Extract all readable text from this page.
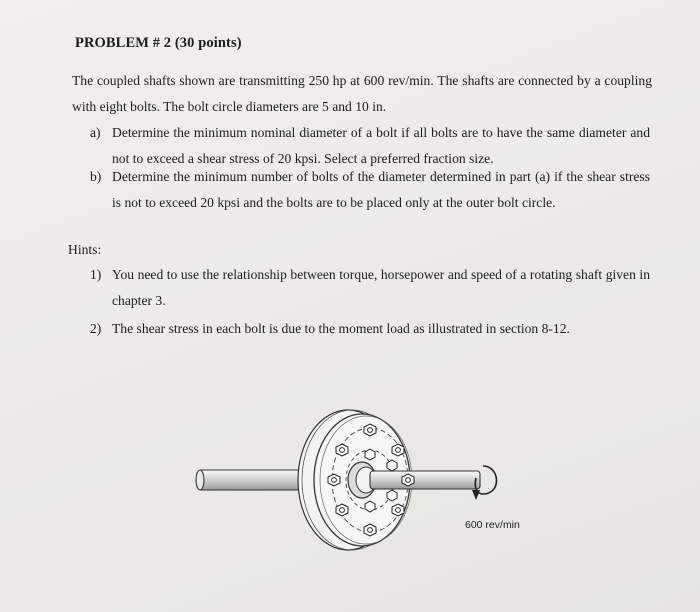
PROBLEM # 2 (30 points)
The coupled shafts shown are transmitting 250 hp at 600 rev/min. The shafts are connected by a coupling with eight bolts. The bolt circle diameters are 5 and 10 in.
a) Determine the minimum nominal diameter of a bolt if all bolts are to have the same diameter and not to exceed a shear stress of 20 kpsi. Select a preferred fraction size.
b) Determine the minimum number of bolts of the diameter determined in part (a) if the shear stress is not to exceed 20 kpsi and the bolts are to be placed only at the outer bolt circle.
Hints:
1) You need to use the relationship between torque, horsepower and speed of a rotating shaft given in chapter 3.
2) The shear stress in each bolt is due to the moment load as illustrated in section 8-12.
600 rev/min
